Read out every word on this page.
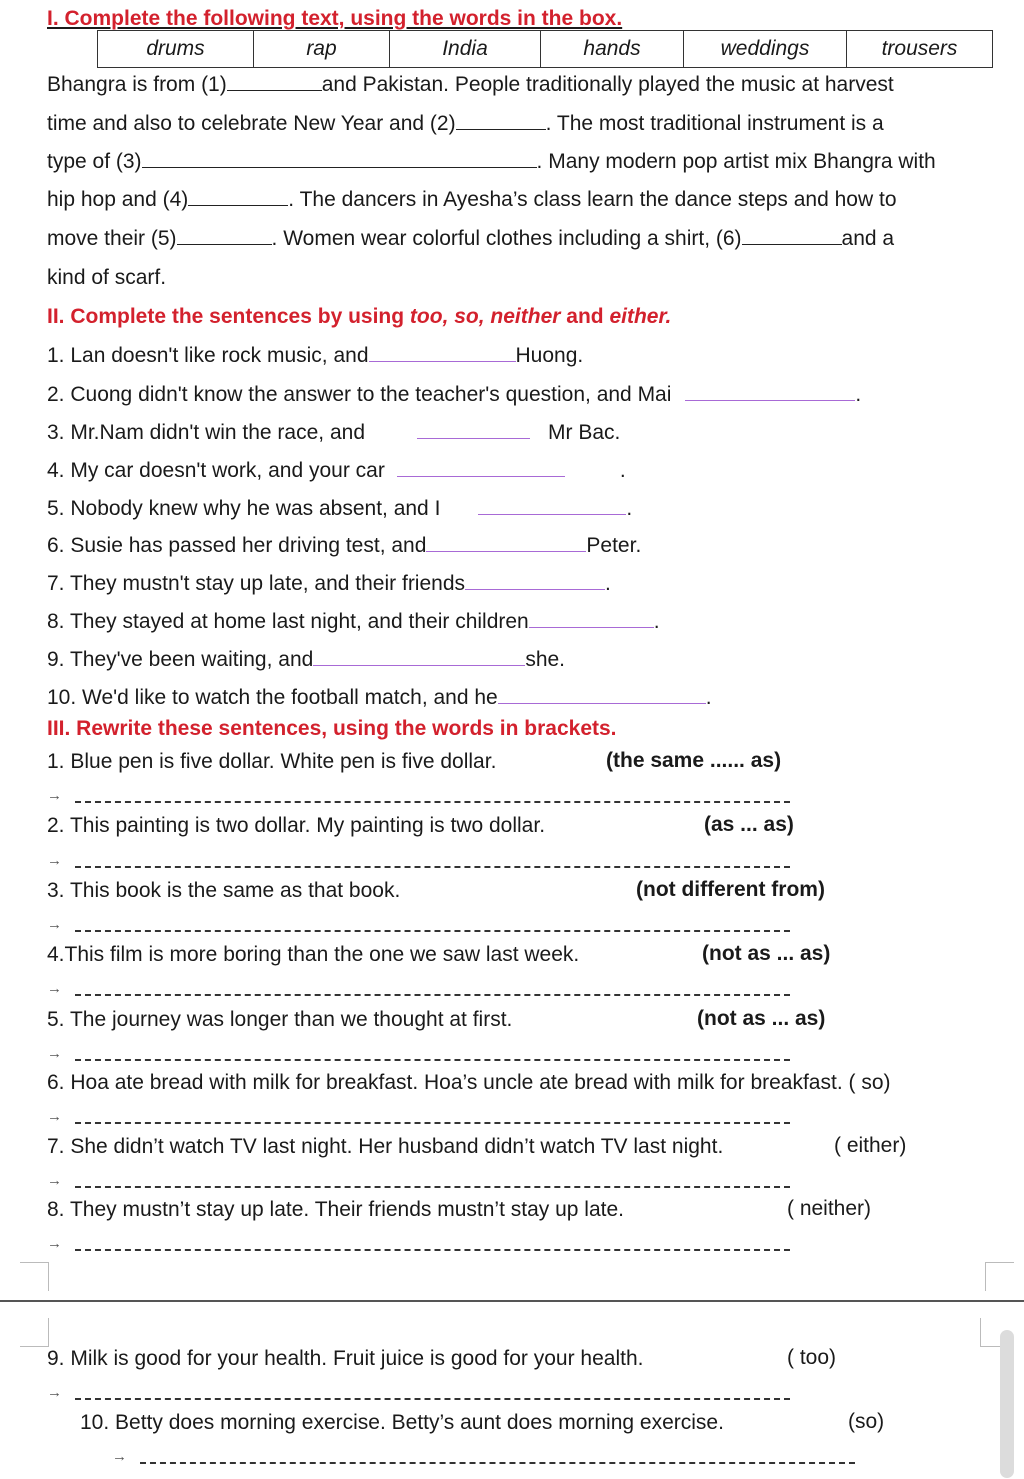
I. Complete the following text, using the words in the box.
drums	rap	India	hands	weddings	trousers
Bhangra is from (1)	and Pakistan. People traditionally played the music at harvest
time and also to celebrate New Year and (2)	. The most traditional instrument is a
type of (3)	. Many modern pop artist mix Bhangra with
hip hop and (4)	. The dancers in Ayesha’s class learn the dance steps and how to
move their (5)	. Women wear colorful clothes including a shirt, (6)	and a
kind of scarf.
II. Complete the sentences by using too, so, neither and either.
1. Lan doesn't like rock music, and	Huong.
2. Cuong didn't know the answer to the teacher's question, and Mai	.
3. Mr.Nam didn't win the race, and	Mr Bac.
4. My car doesn't work, and your car	.
5. Nobody knew why he was absent, and I	.
6. Susie has passed her driving test, and	Peter.
7. They mustn't stay up late, and their friends	.
8. They stayed at home last night, and their children	.
9. They've been waiting, and	she.
10. We'd like to watch the football match, and he	.
III. Rewrite these sentences, using the words in brackets.
1. Blue pen is five dollar. White pen is five dollar.	(the same ...... as)
→
2. This painting is two dollar. My painting is two dollar.	(as ... as)
→
3. This book is the same as that book.	(not different from)
→
4.This film is more boring than the one we saw last week.	(not as ... as)
→
5. The journey was longer than we thought at first.	(not as ... as)
→
6. Hoa ate bread with milk for breakfast. Hoa’s uncle ate bread with milk for breakfast. ( so)
→
7. She didn’t watch TV last night. Her husband didn’t watch TV last night.	( either)
→
8. They mustn’t stay up late. Their friends mustn’t stay up late.	( neither)
→
9. Milk is good for your health. Fruit juice is good for your health.	( too)
→
10. Betty does morning exercise. Betty’s aunt does morning exercise.	(so)
→
